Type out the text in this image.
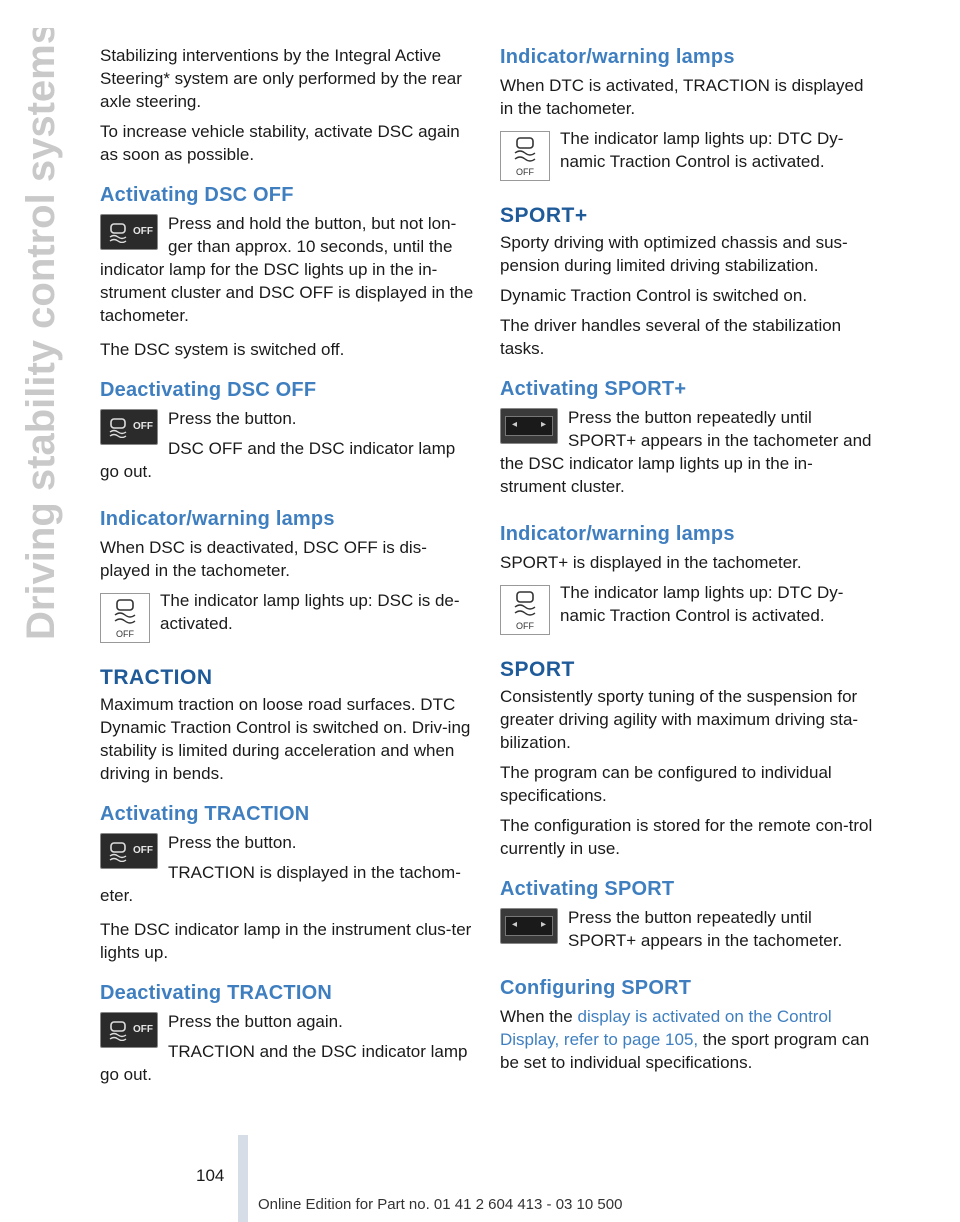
Driving stability control systems Stabilizing interventions by the Integral Active Steering* system are only performed by the rear axle steering.

To increase vehicle stability, activate DSC again as soon as possible.

Activating DSC OFF
OFF Press and hold the button, but not lon-ger than approx. 10 seconds, until the indicator lamp for the DSC lights up in the in-strument cluster and DSC OFF is displayed in the tachometer.

The DSC system is switched off.

Deactivating DSC OFF
OFF Press the button.

DSC OFF and the DSC indicator lamp go out.

Indicator/warning lamps

When DSC is deactivated, DSC OFF is dis-played in the tachometer.

OFF

The indicator lamp lights up: DSC is de-activated.

TRACTION

Maximum traction on loose road surfaces. DTC Dynamic Traction Control is switched on. Driv-ing stability is limited during acceleration and when driving in bends.

Activating TRACTION
OFF Press the button.

TRACTION is displayed in the tachom-eter.

The DSC indicator lamp in the instrument clus-ter lights up.

Deactivating TRACTION
OFF Press the button again.

TRACTION and the DSC indicator lamp go out.

Indicator/warning lamps

When DTC is activated, TRACTION is displayed in the tachometer.

OFF

The indicator lamp lights up: DTC Dy-namic Traction Control is activated.

SPORT+

Sporty driving with optimized chassis and sus-pension during limited driving stabilization.

Dynamic Traction Control is switched on.

The driver handles several of the stabilization tasks.

Activating SPORT+
◂ ▸	Press the button repeatedly until SPORT+ appears in the tachometer and the DSC indicator lamp lights up in the in-strument cluster.

Indicator/warning lamps

SPORT+ is displayed in the tachometer.

OFF

The indicator lamp lights up: DTC Dy-namic Traction Control is activated.

SPORT

Consistently sporty tuning of the suspension for greater driving agility with maximum driving sta-bilization.

The program can be configured to individual specifications.

The configuration is stored for the remote con-trol currently in use.

Activating SPORT
◂ ▸	Press the button repeatedly until SPORT+ appears in the tachometer.

Configuring SPORT

When the display is activated on the Control Display, refer to page 105, the sport program can be set to individual specifications.

104
Online Edition for Part no. 01 41 2 604 413 - 03 10 500
